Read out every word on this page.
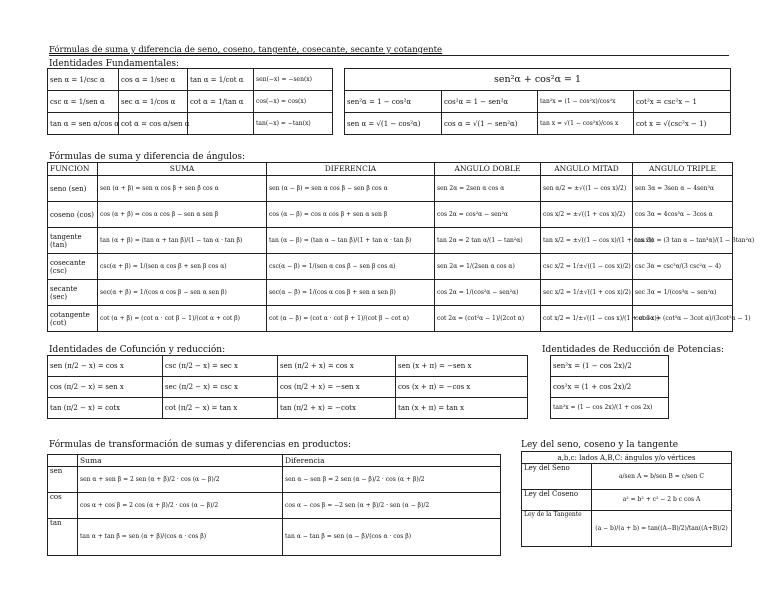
Fórmulas de suma y diferencia de seno, coseno, tangente, cosecante, secante y cotangente
Identidades Fundamentales:
sen α = 1/csc α	cos α = 1/sec α	tan α = 1/cot α	sen(−x) = −sen(x)
csc α = 1/sen α	sec α = 1/cos α	cot α = 1/tan α	cos(−x) = cos(x)
tan α = sen α/cos α	cot α = cos α/sen α		tan(−x) = −tan(x)
sen²α + cos²α = 1			
sen²α = 1 − cos²α	cos²α = 1 − sen²α	tan²x = (1 − cos²x)/cos²x	cot²x = csc²x − 1
sen α = √(1 − cos²α)	cos α = √(1 − sen²α)	tan x = √(1 − cos²x)/cos x	cot x = √(csc²x − 1)
Fórmulas de suma y diferencia de ángulos:
FUNCION	SUMA	DIFERENCIA	ANGULO DOBLE	ANGULO MITAD	ANGULO TRIPLE
seno (sen)	sen (α + β) = sen α cos β + sen β cos α	sen (α − β) = sen α cos β − sen β cos α	sen 2α = 2sen α cos α	sen α/2 = ±√((1 − cos x)/2)	sen 3α = 3sen α − 4sen³α
coseno (cos)	cos (α + β) = cos α cos β − sen α sen β	cos (α − β) = cos α cos β + sen α sen β	cos 2α = cos²α − sen²α	cos x/2 = ±√((1 + cos x)/2)	cos 3α = 4cos³α − 3cos α
tangente (tan)	tan (α + β) = (tan α + tan β)/(1 − tan α · tan β)	tan (α − β) = (tan α − tan β)/(1 + tan α · tan β)	tan 2α = 2 tan α/(1 − tan²α)	tan x/2 = ±√((1 − cos x)/(1 + cos x))	tan 3α = (3 tan α − tan³α)/(1 − 3tan²α)
cosecante (csc)	csc(α + β) = 1/(sen α cos β + sen β cos α)	csc(α − β) = 1/(sen α cos β − sen β cos α)	sen 2α = 1/(2sen α cos α)	csc x/2 = 1/±√((1 − cos x)/2)	csc 3α = csc³α/(3 csc²α − 4)
secante (sec)	sec(α + β) = 1/(cos α cos β − sen α sen β)	sec(α − β) = 1/(cos α cos β + sen α sen β)	cos 2α = 1/(cos²α − sen²α)	sec x/2 = 1/±√((1 + cos x)/2)	sec 3α = 1/(cos³α − sen²α)
cotangente (cot)	cot (α + β) = (cot α · cot β − 1)/(cot α + cot β)	cot (α − β) = (cot α · cot β + 1)/(cot β − cot α)	cot 2α = (cot²α − 1)/(2cot α)	cot x/2 = 1/±√((1 − cos x)/(1 + cos x))	cot 3α = (cot³α − 3cot α)/(3cot²α − 1)
Identidades de Cofunción y reducción:
sen (π/2 − x) = cos x	csc (π/2 − x) = sec x	sen (π/2 + x) = cos x	sen (x + π) = −sen x
cos (π/2 − x) = sen x	sec (π/2 − x) = csc x	cos (π/2 + x) = −sen x	cos (x + π) = −cos x
tan (π/2 − x) = cotx	cot (π/2 − x) = tan x	tan (π/2 + x) = −cotx	tan (x + π) = tan x
Identidades de Reducción de Potencias:
sen²x = (1 − cos 2x)/2
cos²x = (1 + cos 2x)/2
tan²x = (1 − cos 2x)/(1 + cos 2x)
Fórmulas de transformación de sumas y diferencias en productos:
	Suma	Diferencia
sen	sen α + sen β = 2 sen (α + β)/2 · cos (α − β)/2	sen α − sen β = 2 sen (α − β)/2 · cos (α + β)/2
cos	cos α + cos β = 2 cos (α + β)/2 · cos (α − β)/2	cos α − cos β = −2 sen (α + β)/2 · sen (α − β)/2
tan	tan α + tan β = sen (α + β)/(cos α · cos β)	tan α − tan β = sen (α − β)/(cos α · cos β)
Ley del seno, coseno y la tangente
a,b,c: lados A,B,C: ángulos y/o vértices	
Ley del Seno	a/sen A = b/sen B = c/sen C
Ley del Coseno	a² = b² + c² − 2 b c cos A
Ley de la Tangente	(a − b)/(a + b) = tan((A−B)/2)/tan((A+B)/2)
